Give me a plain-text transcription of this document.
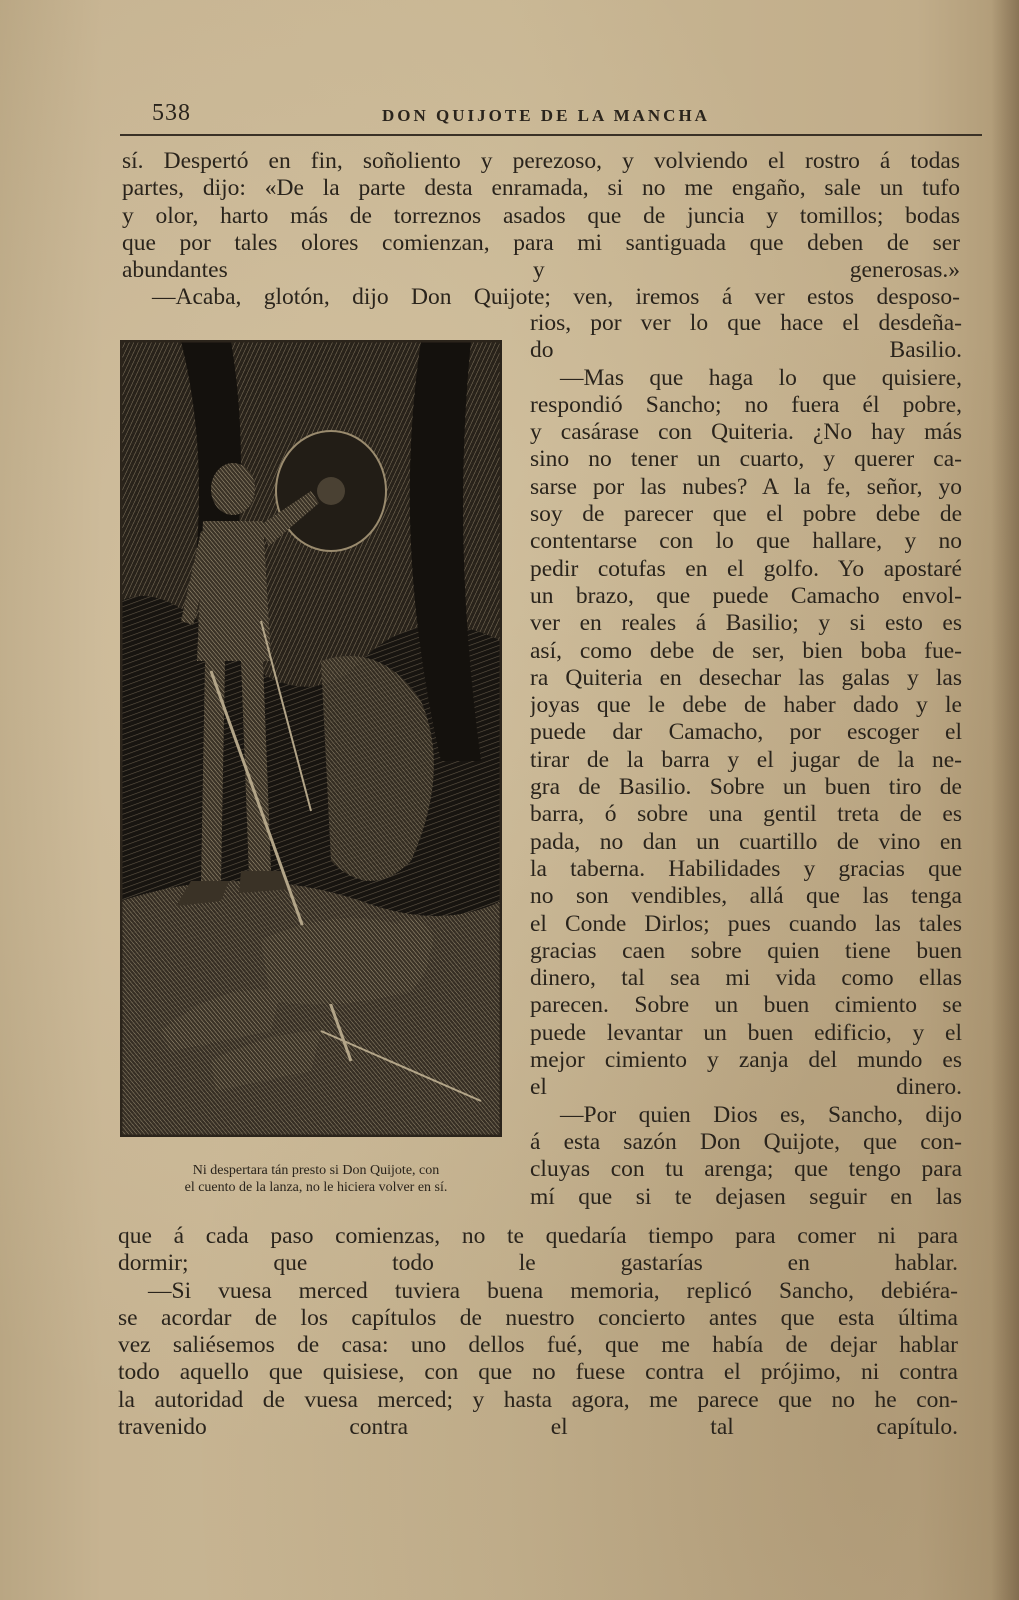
538	DON QUIJOTE DE LA MANCHA
sí. Despertó en fin, soñoliento y perezoso, y volviendo el rostro á todas
partes, dijo: «De la parte desta enramada, si no me engaño, sale un tufo
y olor, harto más de torreznos asados que de juncia y tomillos; bodas
que por tales olores comienzan, para mi santiguada que deben de ser
abundantes y generosas.»
—Acaba, glotón, dijo Don Quijote; ven, iremos á ver estos desposo-
Ni despertara tán presto si Don Quijote, con
el cuento de la lanza, no le hiciera volver en sí.
rios, por ver lo que hace el desdeña-
do Basilio.
—Mas que haga lo que quisiere,
respondió Sancho; no fuera él pobre,
y casárase con Quiteria. ¿No hay más
sino no tener un cuarto, y querer ca-
sarse por las nubes? A la fe, señor, yo
soy de parecer que el pobre debe de
contentarse con lo que hallare, y no
pedir cotufas en el golfo. Yo apostaré
un brazo, que puede Camacho envol-
ver en reales á Basilio; y si esto es
así, como debe de ser, bien boba fue-
ra Quiteria en desechar las galas y las
joyas que le debe de haber dado y le
puede dar Camacho, por escoger el
tirar de la barra y el jugar de la ne-
gra de Basilio. Sobre un buen tiro de
barra, ó sobre una gentil treta de es
pada, no dan un cuartillo de vino en
la taberna. Habilidades y gracias que
no son vendibles, allá que las tenga
el Conde Dirlos; pues cuando las tales
gracias caen sobre quien tiene buen
dinero, tal sea mi vida como ellas
parecen. Sobre un buen cimiento se
puede levantar un buen edificio, y el
mejor cimiento y zanja del mundo es
el dinero.
—Por quien Dios es, Sancho, dijo
á esta sazón Don Quijote, que con-
cluyas con tu arenga; que tengo para
mí que si te dejasen seguir en las
que á cada paso comienzas, no te quedaría tiempo para comer ni para
dormir; que todo le gastarías en hablar.
—Si vuesa merced tuviera buena memoria, replicó Sancho, debiéra-
se acordar de los capítulos de nuestro concierto antes que esta última
vez saliésemos de casa: uno dellos fué, que me había de dejar hablar
todo aquello que quisiese, con que no fuese contra el prójimo, ni contra
la autoridad de vuesa merced; y hasta agora, me parece que no he con-
travenido contra el tal capítulo.
